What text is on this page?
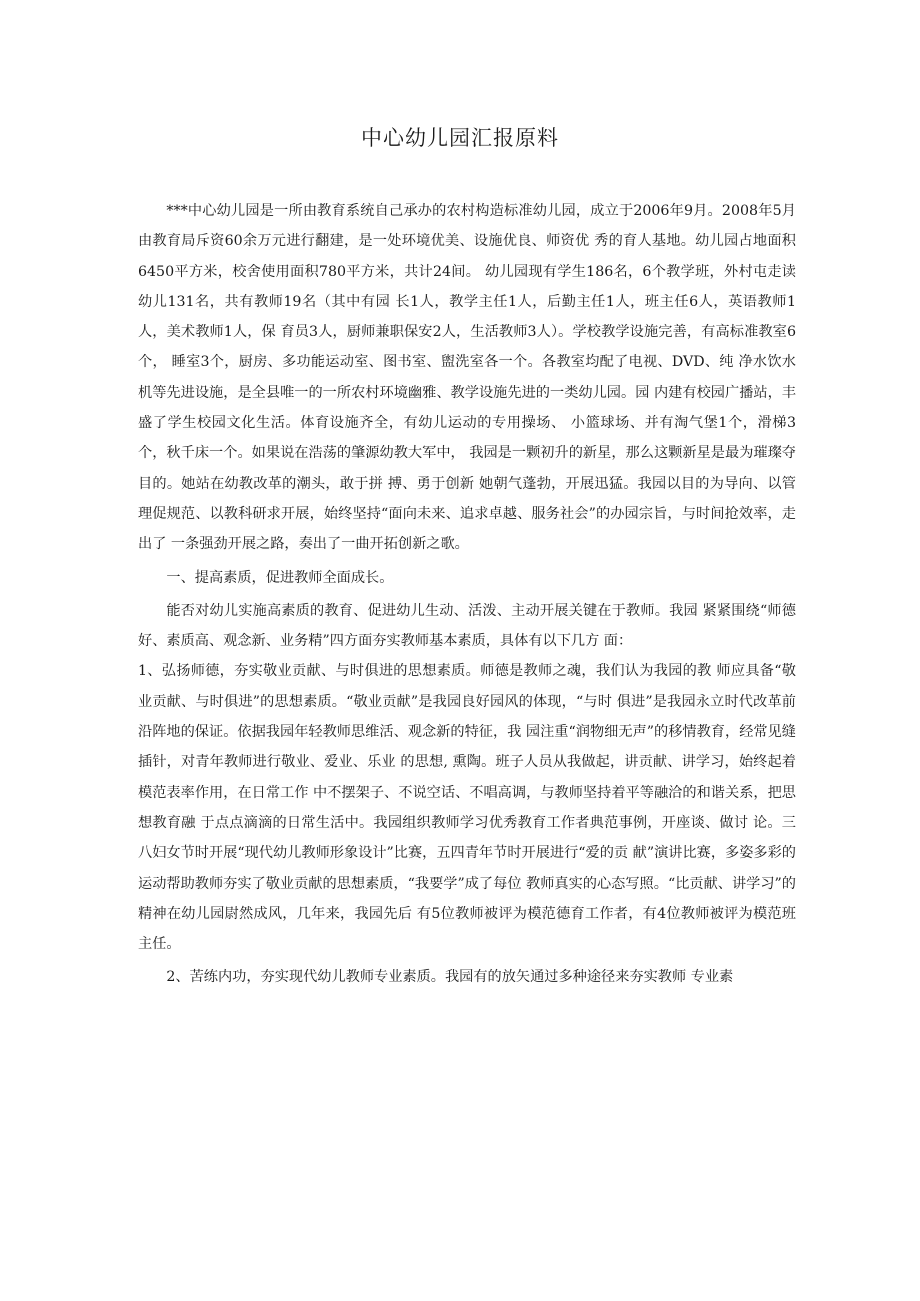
中心幼儿园汇报原料

***中心幼儿园是一所由教育系统自己承办的农村构造标准幼儿园，成立于2006年9月。2008年5月由教育局斥资60余万元进行翻建，是一处环境优美、设施优良、师资优 秀的育人基地。幼儿园占地面积6450平方米，校舍使用面积780平方米，共计24间。 幼儿园现有学生186名，6个教学班，外村屯走读幼儿131名，共有教师19名（其中有园 长1人，教学主任1人，后勤主任1人，班主任6人，英语教师1人，美术教师1人，保 育员3人，厨师兼职保安2人，生活教师3人）。学校教学设施完善，有高标准教室6个， 睡室3个，厨房、多功能运动室、图书室、盥洗室各一个。各教室均配了电视、DVD、纯 净水饮水机等先进设施，是全县唯一的一所农村环境幽雅、教学设施先进的一类幼儿园。园 内建有校园广播站，丰盛了学生校园文化生活。体育设施齐全，有幼儿运动的专用操场、 小篮球场、并有淘气堡1个，滑梯3个，秋千床一个。如果说在浩荡的肇源幼教大军中， 我园是一颗初升的新星，那么这颗新星是最为璀璨夺目的。她站在幼教改革的潮头，敢于拼 搏、勇于创新 她朝气蓬勃，开展迅猛。我园以目的为导向、以管理促规范、以教科研求开展，始终坚持“面向未来、追求卓越、服务社会”的办园宗旨，与时间抢效率，走出了 一条强劲开展之路，奏出了一曲开拓创新之歌。

一、提高素质，促进教师全面成长。

能否对幼儿实施高素质的教育、促进幼儿生动、活泼、主动开展关键在于教师。我园 紧紧围绕“师德好、素质高、观念新、业务精”四方面夯实教师基本素质，具体有以下几方 面：

1、弘扬师德，夯实敬业贡献、与时俱进的思想素质。师德是教师之魂，我们认为我园的教 师应具备“敬业贡献、与时俱进”的思想素质。“敬业贡献”是我园良好园风的体现，“与时 俱进”是我园永立时代改革前沿阵地的保证。依据我园年轻教师思维活、观念新的特征，我 园注重“润物细无声”的移情教育，经常见缝插针，对青年教师进行敬业、爱业、乐业 的思想, 熏陶。班子人员从我做起，讲贡献、讲学习，始终起着模范表率作用，在日常工作 中不摆架子、不说空话、不唱高调，与教师坚持着平等融洽的和谐关系，把思想教育融 于点点滴滴的日常生活中。我园组织教师学习优秀教育工作者典范事例，开座谈、做讨 论。三八妇女节时开展“现代幼儿教师形象设计”比赛，五四青年节时开展进行“爱的贡 献”演讲比赛，多姿多彩的运动帮助教师夯实了敬业贡献的思想素质，“我要学”成了每位 教师真实的心态写照。“比贡献、讲学习”的精神在幼儿园尉然成风，几年来，我园先后 有5位教师被评为模范德育工作者，有4位教师被评为模范班主任。

2、苦练内功，夯实现代幼儿教师专业素质。我园有的放矢通过多种途径来夯实教师 专业素
